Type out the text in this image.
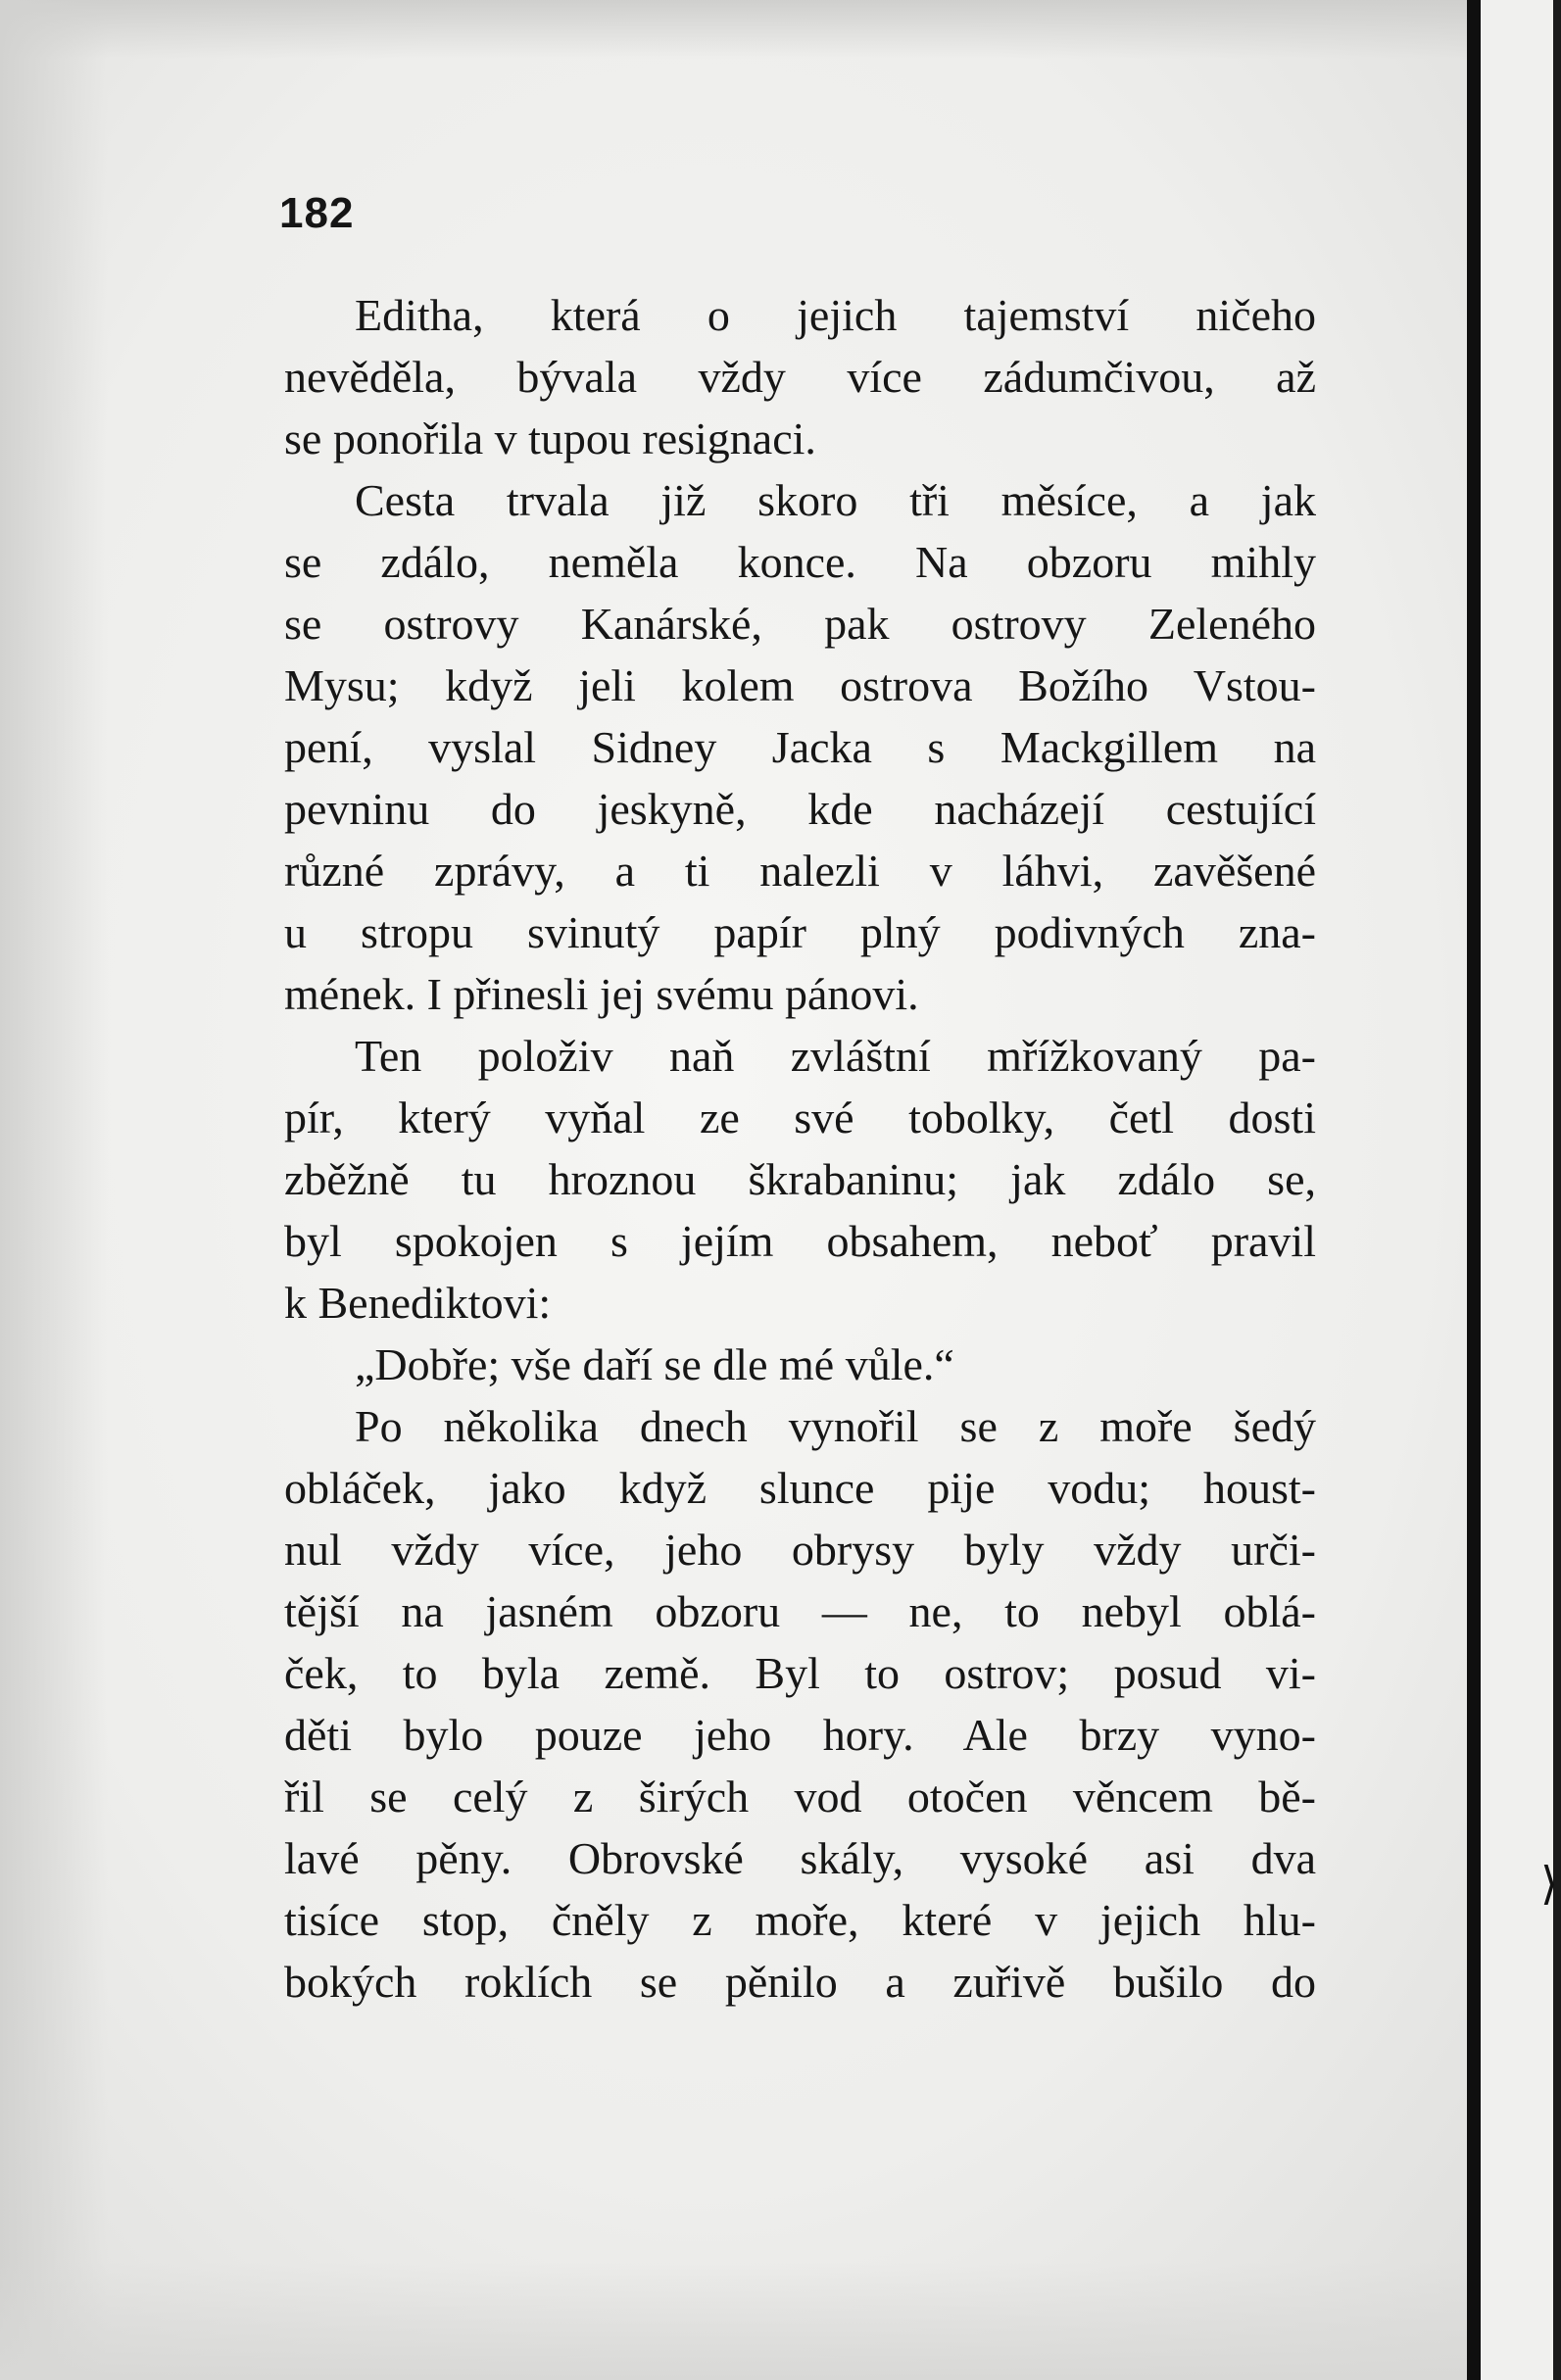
⟩
182
Editha, která o jejich tajemství ničeho
nevěděla, bývala vždy více zádumčivou, až
se ponořila v tupou resignaci.
Cesta trvala již skoro tři měsíce, a jak
se zdálo, neměla konce. Na obzoru mihly
se ostrovy Kanárské, pak ostrovy Zeleného
Mysu; když jeli kolem ostrova Božího Vstou-
pení, vyslal Sidney Jacka s Mackgillem na
pevninu do jeskyně, kde nacházejí cestující
různé zprávy, a ti nalezli v láhvi, zavěšené
u stropu svinutý papír plný podivných zna-
mének. I přinesli jej svému pánovi.
Ten položiv naň zvláštní mřížkovaný pa-
pír, který vyňal ze své tobolky, četl dosti
zběžně tu hroznou škrabaninu; jak zdálo se,
byl spokojen s jejím obsahem, neboť pravil
k Benediktovi:
„Dobře; vše daří se dle mé vůle.“
Po několika dnech vynořil se z moře šedý
obláček, jako když slunce pije vodu; houst-
nul vždy více, jeho obrysy byly vždy urči-
tější na jasném obzoru — ne, to nebyl oblá-
ček, to byla země. Byl to ostrov; posud vi-
děti bylo pouze jeho hory. Ale brzy vyno-
řil se celý z širých vod otočen věncem bě-
lavé pěny. Obrovské skály, vysoké asi dva
tisíce stop, čněly z moře, které v jejich hlu-
bokých roklích se pěnilo a zuřivě bušilo do
